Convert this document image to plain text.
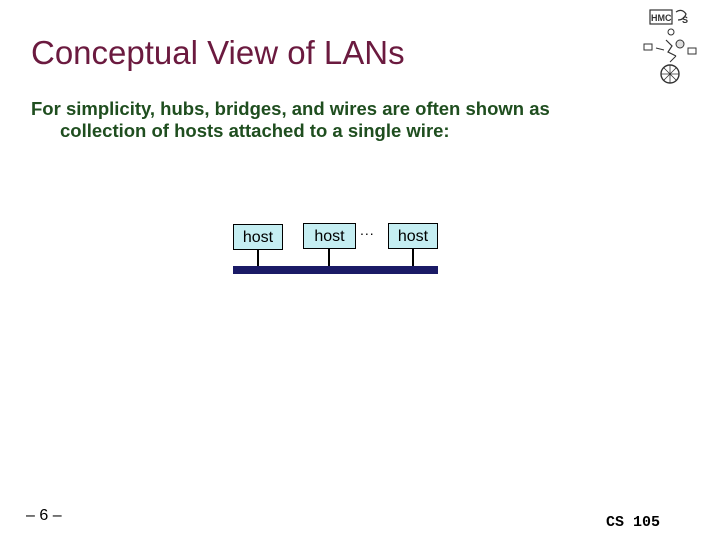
Conceptual View of LANs
For simplicity, hubs, bridges, and wires are often shown as
collection of hosts attached to a single wire:
host	host	host
...
HMC S
– 6 –	CS 105
